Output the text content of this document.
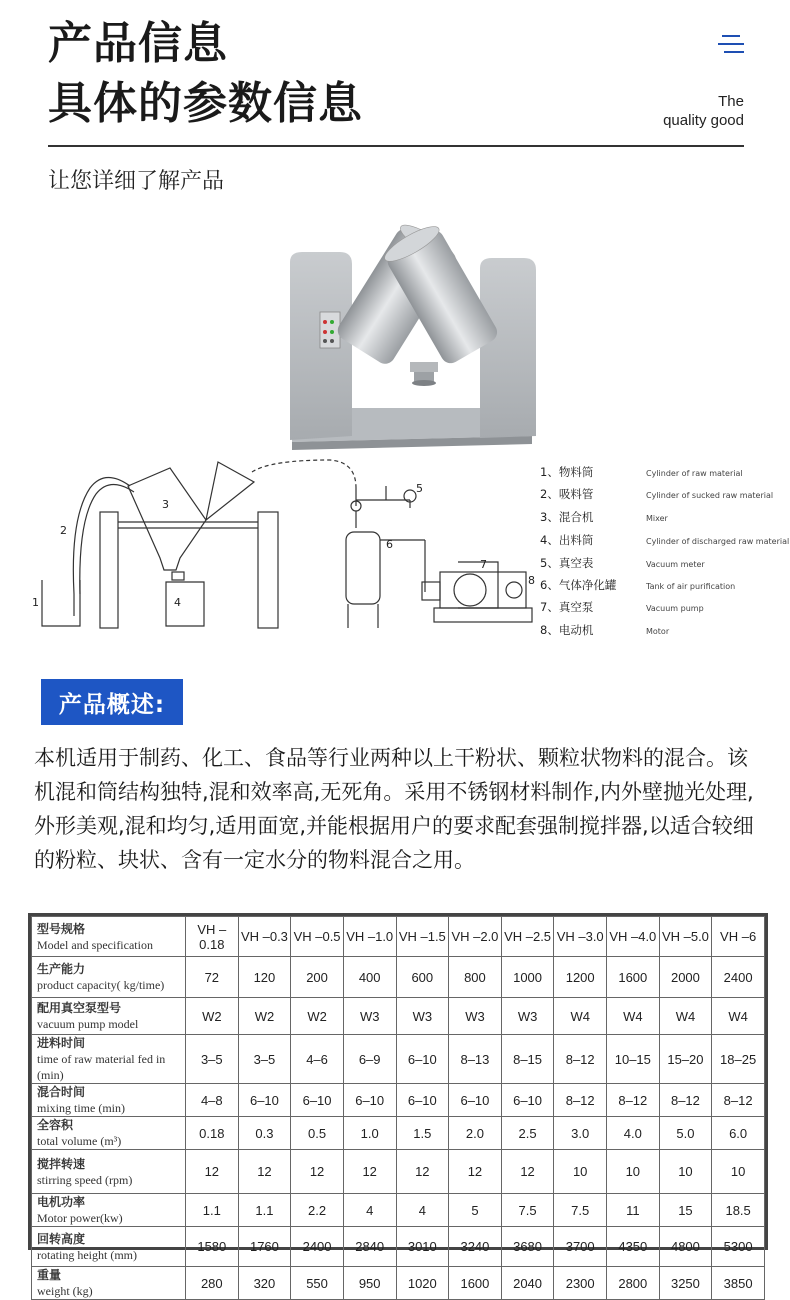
产品信息
具体的参数信息	The
quality good
让您详细了解产品
1
2
3
4
5
6
7
8
1、物料筒
2、吸料管
3、混合机
4、出料筒
5、真空表
6、气体净化罐
7、真空泵
8、电动机
Cylinder of raw material
Cylinder of sucked raw material
Mixer
Cylinder of discharged raw material
Vacuum meter
Tank of air purification
Vacuum pump
Motor
产品概述:

本机适用于制药、化工、食品等行业两种以上干粉状、颗粒状物料的混合。该机混和筒结构独特,混和效率高,无死角。采用不锈钢材料制作,内外壁抛光处理,外形美观,混和均匀,适用面宽,并能根据用户的要求配套强制搅拌器,以适合较细的粉粒、块状、含有一定水分的物料混合之用。

型号规格
Model and specification	VH –0.18	VH –0.3	VH –0.5	VH –1.0	VH –1.5	VH –2.0	VH –2.5	VH –3.0	VH –4.0	VH –5.0	VH –6

生产能力
product capacity( kg/time)	72	120	200	400	600	800	1000	1200	1600	2000	2400

配用真空泵型号
vacuum pump model	W2	W2	W2	W3	W3	W3	W3	W4	W4	W4	W4

进料时间
time of raw material fed in (min)	3–5	3–5	4–6	6–9	6–10	8–13	8–15	8–12	10–15	15–20	18–25

混合时间
mixing time (min)	4–8	6–10	6–10	6–10	6–10	6–10	6–10	8–12	8–12	8–12	8–12

全容积
total volume (m³)	0.18	0.3	0.5	1.0	1.5	2.0	2.5	3.0	4.0	5.0	6.0

搅拌转速
stirring speed (rpm)	12	12	12	12	12	12	12	10	10	10	10

电机功率
Motor power(kw)	1.1	1.1	2.2	4	4	5	7.5	7.5	11	15	18.5

回转高度
rotating height (mm)	1580	1760	2400	2840	3010	3240	3680	3700	4350	4800	5300

重量
weight (kg)	280	320	550	950	1020	1600	2040	2300	2800	3250	3850
